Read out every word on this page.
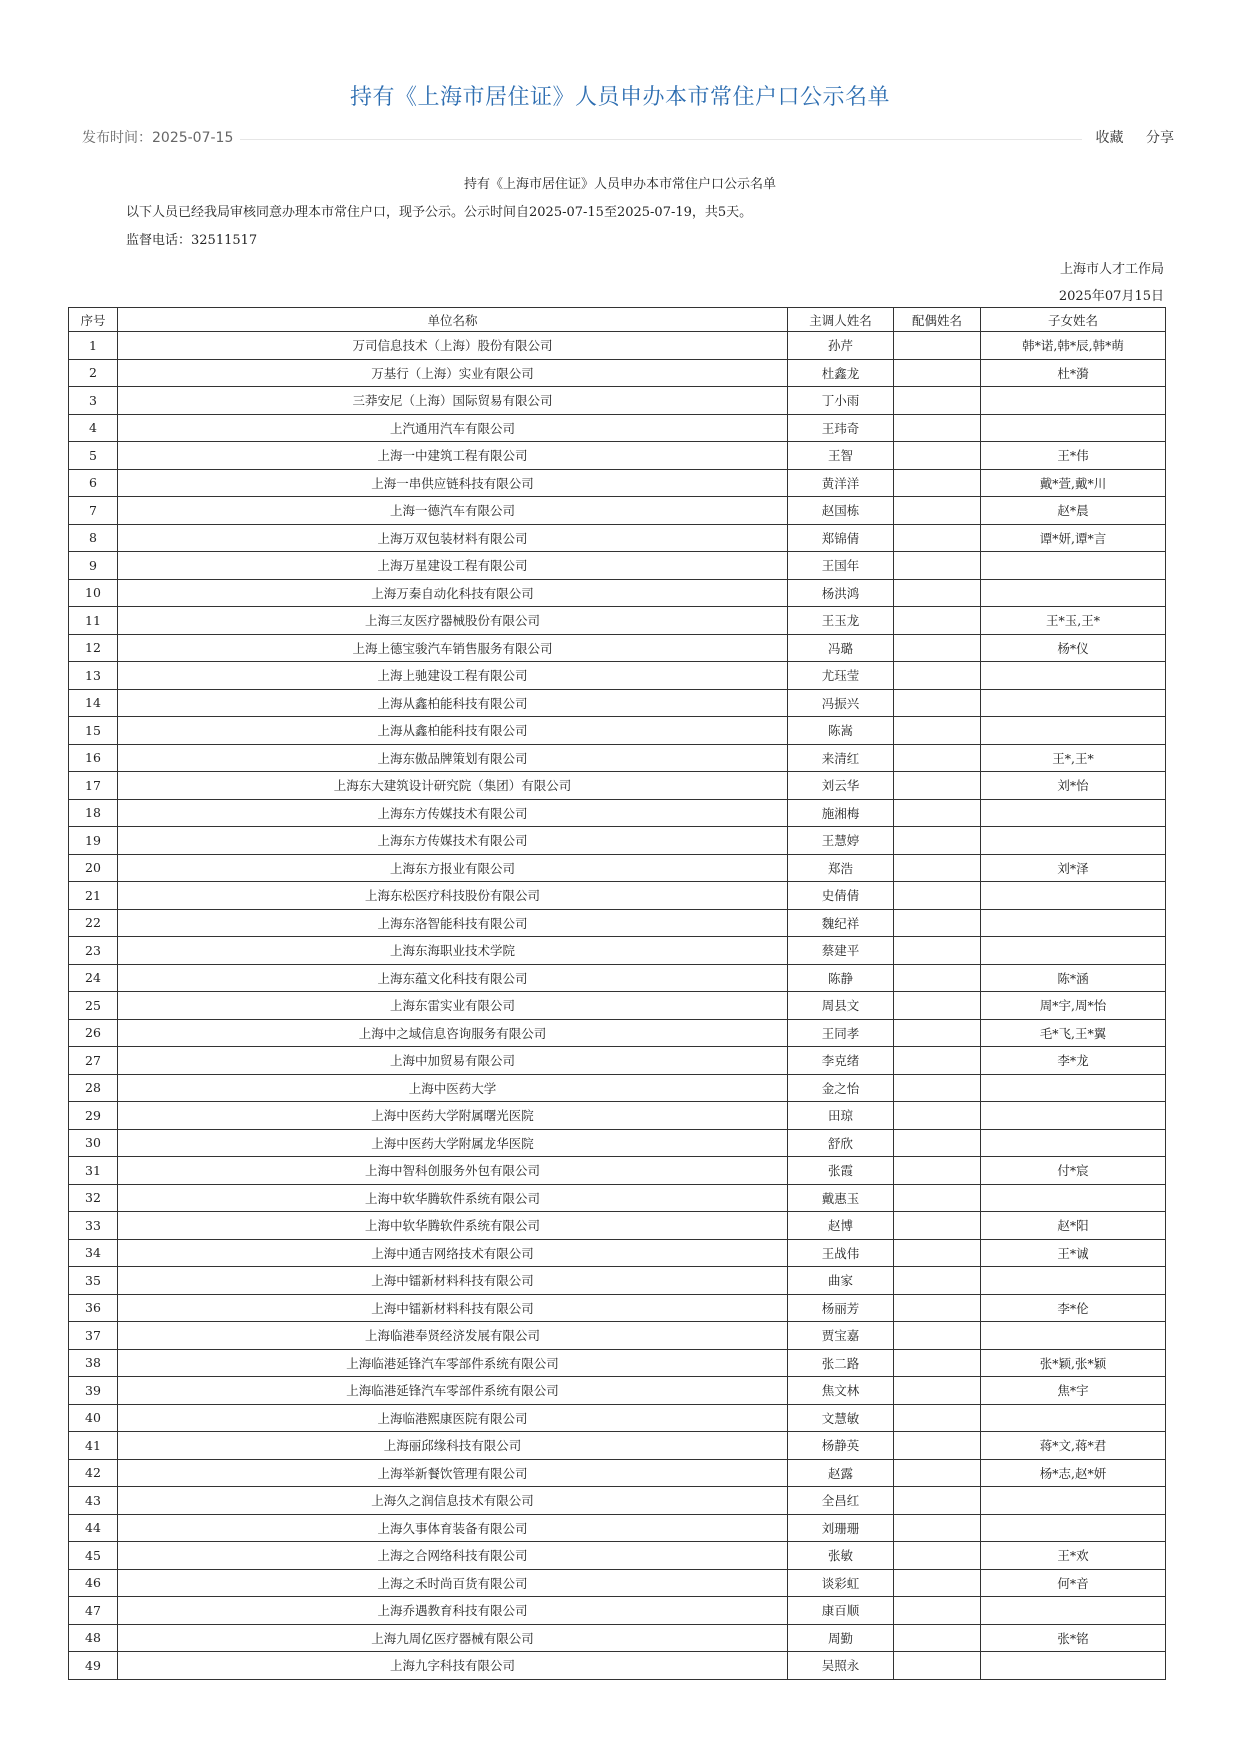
持有《上海市居住证》人员申办本市常住户口公示名单
发布时间：2025-07-15	收藏 分享

持有《上海市居住证》人员申办本市常住户口公示名单

以下人员已经我局审核同意办理本市常住户口，现予公示。公示时间自2025-07-15至2025-07-19，共5天。

监督电话：32511517

上海市人才工作局

2025年07月15日

序号	单位名称	主调人姓名	配偶姓名	子女姓名
1	万司信息技术（上海）股份有限公司	孙芹		韩*诺,韩*辰,韩*萌
2	万基行（上海）实业有限公司	杜鑫龙		杜*漪
3	三莽安尼（上海）国际贸易有限公司	丁小雨		
4	上汽通用汽车有限公司	王玮奇		
5	上海一中建筑工程有限公司	王智		王*伟
6	上海一串供应链科技有限公司	黄洋洋		戴*萱,戴*川
7	上海一德汽车有限公司	赵国栋		赵*晨
8	上海万双包装材料有限公司	郑锦倩		谭*妍,谭*言
9	上海万星建设工程有限公司	王国年		
10	上海万秦自动化科技有限公司	杨洪鸿		
11	上海三友医疗器械股份有限公司	王玉龙		王*玉,王*
12	上海上德宝骏汽车销售服务有限公司	冯璐		杨*仪
13	上海上驰建设工程有限公司	尤珏莹		
14	上海从鑫柏能科技有限公司	冯振兴		
15	上海从鑫柏能科技有限公司	陈嵩		
16	上海东傲品牌策划有限公司	来清红		王*,王*
17	上海东大建筑设计研究院（集团）有限公司	刘云华		刘*怡
18	上海东方传媒技术有限公司	施湘梅		
19	上海东方传媒技术有限公司	王慧婷		
20	上海东方报业有限公司	郑浩		刘*泽
21	上海东松医疗科技股份有限公司	史倩倩		
22	上海东洛智能科技有限公司	魏纪祥		
23	上海东海职业技术学院	蔡建平		
24	上海东蕴文化科技有限公司	陈静		陈*涵
25	上海东雷实业有限公司	周县文		周*宇,周*怡
26	上海中之域信息咨询服务有限公司	王同孝		毛*飞,王*翼
27	上海中加贸易有限公司	李克绪		李*龙
28	上海中医药大学	金之怡		
29	上海中医药大学附属曙光医院	田琼		
30	上海中医药大学附属龙华医院	舒欣		
31	上海中智科创服务外包有限公司	张霞		付*宸
32	上海中软华腾软件系统有限公司	戴惠玉		
33	上海中软华腾软件系统有限公司	赵博		赵*阳
34	上海中通吉网络技术有限公司	王战伟		王*诚
35	上海中镭新材料科技有限公司	曲家		
36	上海中镭新材料科技有限公司	杨丽芳		李*伦
37	上海临港奉贤经济发展有限公司	贾宝嘉		
38	上海临港延锋汽车零部件系统有限公司	张二路		张*颖,张*颖
39	上海临港延锋汽车零部件系统有限公司	焦文林		焦*宇
40	上海临港熙康医院有限公司	文慧敏		
41	上海丽邱缘科技有限公司	杨静英		蒋*文,蒋*君
42	上海举新餐饮管理有限公司	赵露		杨*志,赵*妍
43	上海久之润信息技术有限公司	全昌红		
44	上海久事体育装备有限公司	刘珊珊		
45	上海之合网络科技有限公司	张敏		王*欢
46	上海之禾时尚百货有限公司	谈彩虹		何*音
47	上海乔遇教育科技有限公司	康百顺		
48	上海九周亿医疗器械有限公司	周勤		张*铭
49	上海九字科技有限公司	吴照永		
